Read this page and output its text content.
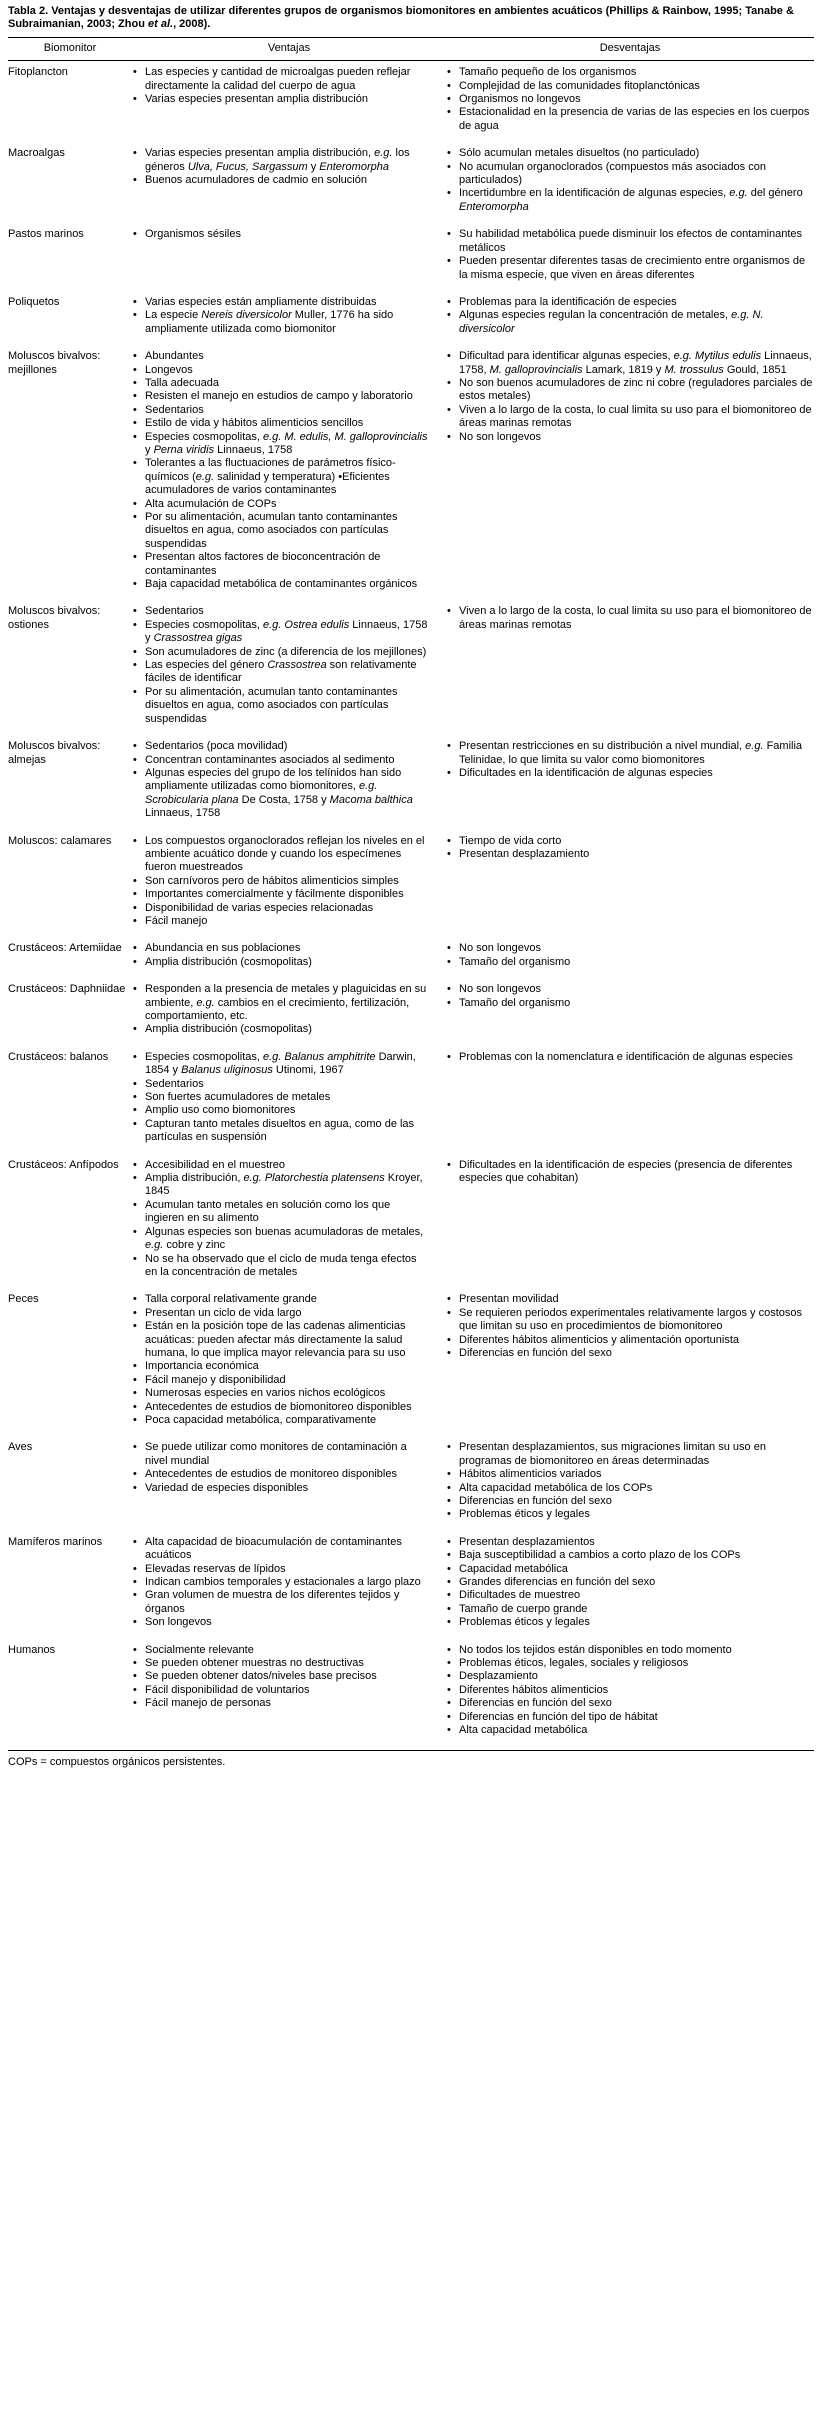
Tabla 2. Ventajas y desventajas de utilizar diferentes grupos de organismos biomonitores en ambientes acuáticos (Phillips & Rainbow, 1995; Tanabe & Subraimanian, 2003; Zhou et al., 2008).

Biomonitor	Ventajas	Desventajas
Fitoplancton	
•Las especies y cantidad de microalgas pueden reflejar directamente la calidad del cuerpo de agua
• Varias especies presentan amplia distribución

• Tamaño pequeño de los organismos
• Complejidad de las comunidades fitoplanctónicas
• Organismos no longevos
• Estacionalidad en la presencia de varias de las especies en los cuerpos de agua

Macroalgas	
•Varias especies presentan amplia distribución, e.g. los géneros Ulva, Fucus, Sargassum y Enteromorpha
• Buenos acumuladores de cadmio en solución

• Sólo acumulan metales disueltos (no particulado)
• No acumulan organoclorados (compuestos más asociados con particulados)
• Incertidumbre en la identificación de algunas especies, e.g. del género Enteromorpha

Pastos marinos	
•Organismos sésiles

•Su habilidad metabólica puede disminuir los efectos de contaminantes metálicos
• Pueden presentar diferentes tasas de crecimiento entre organismos de la misma especie, que viven en áreas diferentes

Poliquetos	
•Varias especies están ampliamente distribuidas
• La especie Nereis diversicolor Muller, 1776 ha sido ampliamente utilizada como biomonitor

• Problemas para la identificación de especies
• Algunas especies regulan la concentración de metales, e.g. N. diversicolor

Moluscos bivalvos: mejillones	
• Abundantes
• Longevos
• Talla adecuada
• Resisten el manejo en estudios de campo y laboratorio
• Sedentarios
• Estilo de vida y hábitos alimenticios sencillos
• Especies cosmopolitas, e.g. M. edulis, M. galloprovincialis y Perna viridis Linnaeus, 1758
• Tolerantes a las fluctuaciones de parámetros físico-químicos (e.g. salinidad y temperatura) •Eficientes acumuladores de varios contaminantes
• Alta acumulación de COPs
• Por su alimentación, acumulan tanto contaminantes disueltos en agua, como asociados con partículas suspendidas
• Presentan altos factores de bioconcentración de contaminantes
• Baja capacidad metabólica de contaminantes orgánicos

• Dificultad para identificar algunas especies, e.g. Mytilus edulis Linnaeus, 1758, M. galloprovincialis Lamark, 1819 y M. trossulus Gould, 1851
• No son buenos acumuladores de zinc ni cobre (reguladores parciales de estos metales)
• Viven a lo largo de la costa, lo cual limita su uso para el biomonitoreo de áreas marinas remotas
• No son longevos

Moluscos bivalvos: ostiones	
• Sedentarios
• Especies cosmopolitas, e.g. Ostrea edulis Linnaeus, 1758 y Crassostrea gigas
• Son acumuladores de zinc (a diferencia de los mejillones)
• Las especies del género Crassostrea son relativamente fáciles de identificar
• Por su alimentación, acumulan tanto contaminantes disueltos en agua, como asociados con partículas suspendidas

• Viven a lo largo de la costa, lo cual limita su uso para el biomonitoreo de áreas marinas remotas

Moluscos bivalvos: almejas	
• Sedentarios (poca movilidad)
• Concentran contaminantes asociados al sedimento
• Algunas especies del grupo de los telínidos han sido ampliamente utilizadas como biomonitores, e.g. Scrobicularia plana De Costa, 1758 y Macoma balthica Linnaeus, 1758

• Presentan restricciones en su distribución a nivel mundial, e.g. Familia Telinidae, lo que limita su valor como biomonitores
• Dificultades en la identificación de algunas especies

Moluscos: calamares	
•Los compuestos organoclorados reflejan los niveles en el ambiente acuático donde y cuando los especímenes fueron muestreados
• Son carnívoros pero de hábitos alimenticios simples
• Importantes comercialmente y fácilmente disponibles
• Disponibilidad de varias especies relacionadas
• Fácil manejo

• Tiempo de vida corto
• Presentan desplazamiento

Crustáceos: Artemiidae	
•Abundancia en sus poblaciones
• Amplia distribución (cosmopolitas)

• No son longevos
• Tamaño del organismo

Crustáceos: Daphniidae	
•Responden a la presencia de metales y plaguicidas en su ambiente, e.g. cambios en el crecimiento, fertilización, comportamiento, etc.
• Amplia distribución (cosmopolitas)

• No son longevos
• Tamaño del organismo

Crustáceos: balanos	
•Especies cosmopolitas, e.g. Balanus amphitrite Darwin, 1854 y Balanus uliginosus Utinomi, 1967
• Sedentarios
• Son fuertes acumuladores de metales
• Amplio uso como biomonitores
• Capturan tanto metales disueltos en agua, como de las partículas en suspensión

• Problemas con la nomenclatura e identificación de algunas especies

Crustáceos: Anfípodos	
•Accesibilidad en el muestreo
• Amplia distribución, e.g. Platorchestia platensens Kroyer, 1845
• Acumulan tanto metales en solución como los que ingieren en su alimento
• Algunas especies son buenas acumuladoras de metales, e.g. cobre y zinc
• No se ha observado que el ciclo de muda tenga efectos en la concentración de metales

• Dificultades en la identificación de especies (presencia de diferentes especies que cohabitan)

Peces	
•Talla corporal relativamente grande
• Presentan un ciclo de vida largo
• Están en la posición tope de las cadenas alimenticias acuáticas: pueden afectar más directamente la salud humana, lo que implica mayor relevancia para su uso
• Importancia económica
• Fácil manejo y disponibilidad
• Numerosas especies en varios nichos ecológicos
• Antecedentes de estudios de biomonitoreo disponibles
• Poca capacidad metabólica, comparativamente

• Presentan movilidad
• Se requieren periodos experimentales relativamente largos y costosos que limitan su uso en procedimientos de biomonitoreo
• Diferentes hábitos alimenticios y alimentación oportunista
• Diferencias en función del sexo

Aves	
•Se puede utilizar como monitores de contaminación a nivel mundial
• Antecedentes de estudios de monitoreo disponibles
• Variedad de especies disponibles

• Presentan desplazamientos, sus migraciones limitan su uso en programas de biomonitoreo en áreas determinadas
• Hábitos alimenticios variados
• Alta capacidad metabólica de los COPs
• Diferencias en función del sexo
• Problemas éticos y legales

Mamíferos marinos	
•Alta capacidad de bioacumulación de contaminantes acuáticos
• Elevadas reservas de lípidos
• Indican cambios temporales y estacionales a largo plazo
• Gran volumen de muestra de los diferentes tejidos y órganos
• Son longevos

• Presentan desplazamientos
• Baja susceptibilidad a cambios a corto plazo de los COPs
• Capacidad metabólica
• Grandes diferencias en función del sexo
• Dificultades de muestreo
• Tamaño de cuerpo grande
• Problemas éticos y legales

Humanos	
•Socialmente relevante
• Se pueden obtener muestras no destructivas
• Se pueden obtener datos/niveles base precisos
• Fácil disponibilidad de voluntarios
• Fácil manejo de personas

• No todos los tejidos están disponibles en todo momento
• Problemas éticos, legales, sociales y religiosos
• Desplazamiento
• Diferentes hábitos alimenticios
• Diferencias en función del sexo
• Diferencias en función del tipo de hábitat
• Alta capacidad metabólica

COPs = compuestos orgánicos persistentes.
